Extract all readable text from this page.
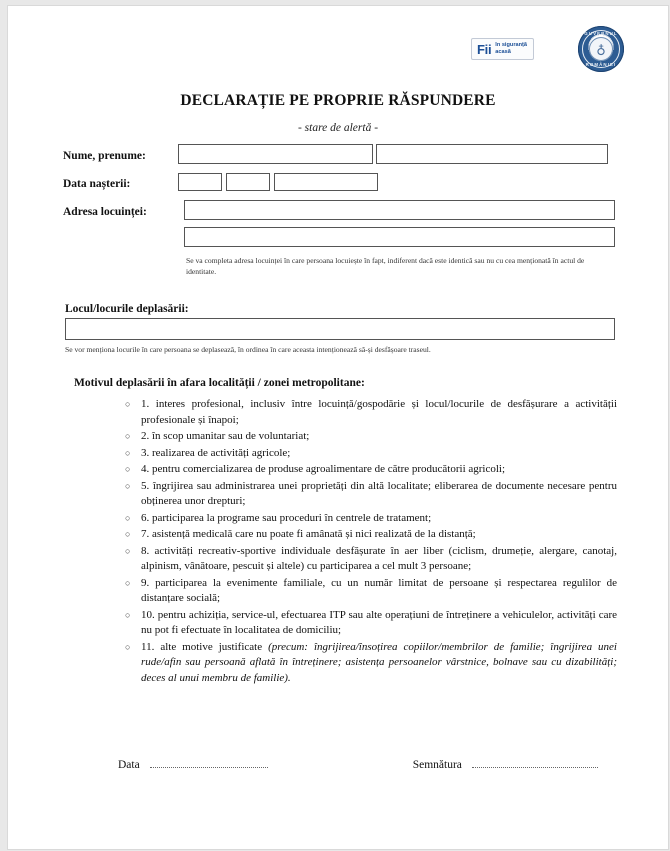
Fii în siguranță
acasă
GUVERNUL
♁
ROMÂNIEI
DECLARAȚIE PE PROPRIE RĂSPUNDERE
- stare de alertă -
Nume, prenume:
Data nașterii:
Adresa locuinței:
Se va completa adresa locuinței în care persoana locuiește în fapt, indiferent dacă este identică sau nu cu cea menționată în actul de identitate.
Locul/locurile deplasării:
Se vor menționa locurile în care persoana se deplasează, în ordinea în care aceasta intenționează să-și desfășoare traseul.
Motivul deplasării în afara localității / zonei metropolitane:
○ 1. interes profesional, inclusiv între locuință/gospodărie și locul/locurile de desfășurare a activității profesionale și înapoi;
○ 2. în scop umanitar sau de voluntariat;
○ 3. realizarea de activități agricole;
○ 4. pentru comercializarea de produse agroalimentare de către producătorii agricoli;
○ 5. îngrijirea sau administrarea unei proprietăți din altă localitate; eliberarea de documente necesare pentru obținerea unor drepturi;
○ 6. participarea la programe sau proceduri în centrele de tratament;
○ 7. asistență medicală care nu poate fi amânată și nici realizată de la distanță;
○ 8. activități recreativ-sportive individuale desfășurate în aer liber (ciclism, drumeție, alergare, canotaj, alpinism, vânătoare, pescuit și altele) cu participarea a cel mult 3 persoane;
○ 9. participarea la evenimente familiale, cu un număr limitat de persoane și respectarea regulilor de distanțare socială;
○ 10. pentru achiziția, service-ul, efectuarea ITP sau alte operațiuni de întreținere a vehiculelor, activități care nu pot fi efectuate în localitatea de domiciliu;
○ 11. alte motive justificate (precum: îngrijirea/însoțirea copiilor/membrilor de familie; îngrijirea unei rude/afin sau persoană aflată în întreținere; asistența persoanelor vârstnice, bolnave sau cu dizabilități; deces al unui membru de familie).
Data	Semnătura
